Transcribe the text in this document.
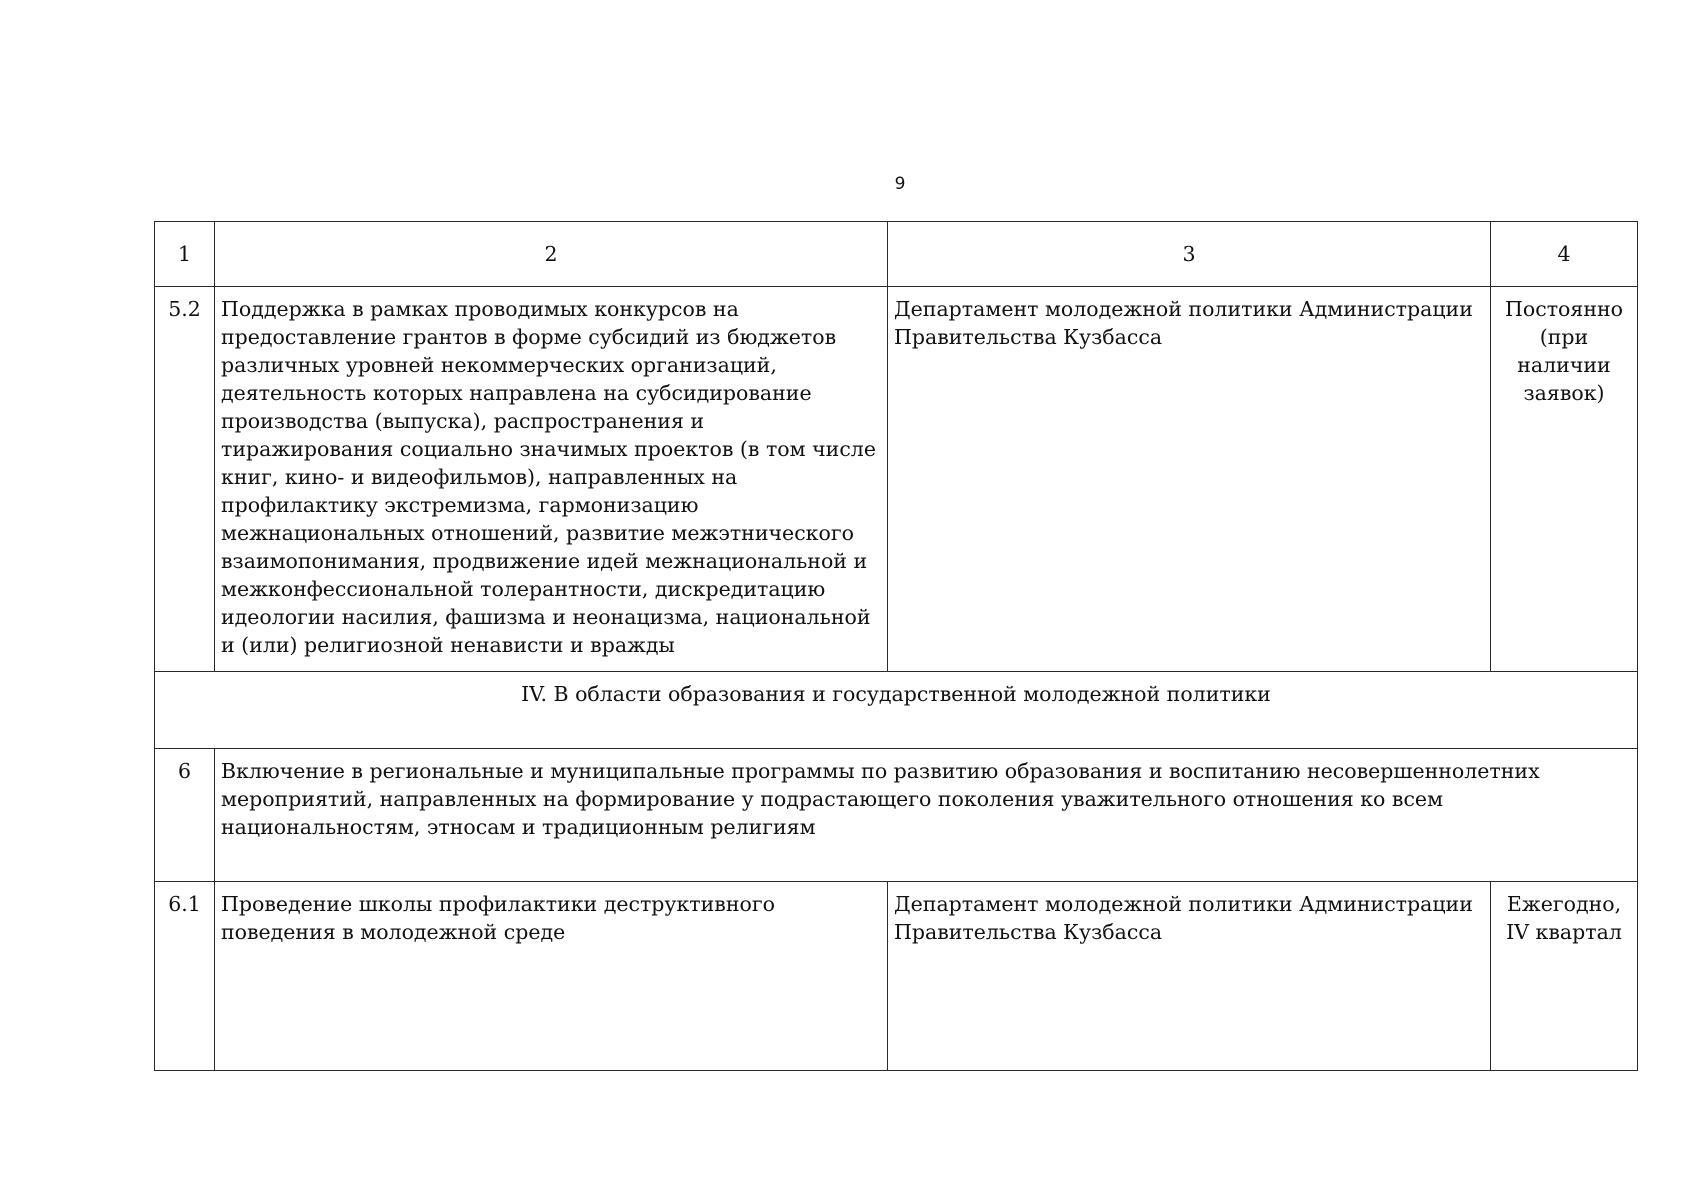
9
1	2	3	4
5.2	Поддержка в рамках проводимых конкурсов на предоставление грантов в форме субсидий из бюджетов различных уровней некоммерческих организаций, деятельность которых направлена на субсидирование производства (выпуска), распространения и тиражирования социально значимых проектов (в том числе книг, кино- и видеофильмов), направленных на профилактику экстремизма, гармонизацию межнациональных отношений, развитие межэтнического взаимопонимания, продвижение идей межнациональной и межконфессиональной толерантности, дискредитацию идеологии насилия, фашизма и неонацизма, национальной и (или) религиозной ненависти и вражды	Департамент молодежной политики Администрации Правительства Кузбасса	Постоянно (при наличии заявок)
IV. В области образования и государственной молодежной политики			
6	Включение в региональные и муниципальные программы по развитию образования и воспитанию несовершеннолетних мероприятий, направленных на формирование у подрастающего поколения уважительного отношения ко всем национальностям, этносам и традиционным религиям		
6.1	Проведение школы профилактики деструктивного поведения в молодежной среде	Департамент молодежной политики Администрации Правительства Кузбасса	Ежегодно, IV квартал
